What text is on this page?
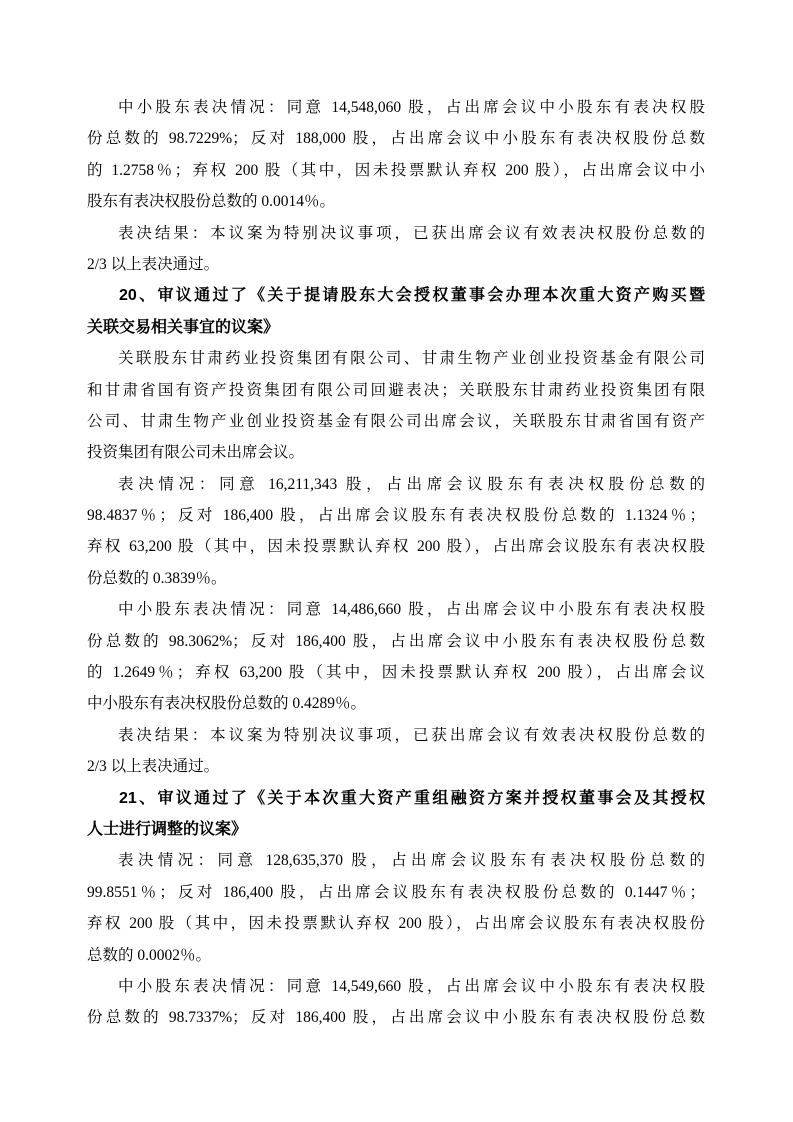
中小股东表决情况：同意 14,548,060 股，占出席会议中小股东有表决权股
份总数的 98.7229%；反对 188,000 股，占出席会议中小股东有表决权股份总数
的 1.2758％；弃权 200 股（其中，因未投票默认弃权 200 股），占出席会议中小
股东有表决权股份总数的 0.0014％。
表决结果：本议案为特别决议事项，已获出席会议有效表决权股份总数的
2/3 以上表决通过。
20、审议通过了《关于提请股东大会授权董事会办理本次重大资产购买暨
关联交易相关事宜的议案》
关联股东甘肃药业投资集团有限公司、甘肃生物产业创业投资基金有限公司
和甘肃省国有资产投资集团有限公司回避表决；关联股东甘肃药业投资集团有限
公司、甘肃生物产业创业投资基金有限公司出席会议，关联股东甘肃省国有资产
投资集团有限公司未出席会议。
表决情况：同意 16,211,343 股，占出席会议股东有表决权股份总数的
98.4837％；反对 186,400 股，占出席会议股东有表决权股份总数的 1.1324％；
弃权 63,200 股（其中，因未投票默认弃权 200 股），占出席会议股东有表决权股
份总数的 0.3839％。
中小股东表决情况：同意 14,486,660 股，占出席会议中小股东有表决权股
份总数的 98.3062%；反对 186,400 股，占出席会议中小股东有表决权股份总数
的 1.2649％；弃权 63,200 股（其中，因未投票默认弃权 200 股），占出席会议
中小股东有表决权股份总数的 0.4289％。
表决结果：本议案为特别决议事项，已获出席会议有效表决权股份总数的
2/3 以上表决通过。
21、审议通过了《关于本次重大资产重组融资方案并授权董事会及其授权
人士进行调整的议案》
表决情况：同意 128,635,370 股，占出席会议股东有表决权股份总数的
99.8551％；反对 186,400 股，占出席会议股东有表决权股份总数的 0.1447％；
弃权 200 股（其中，因未投票默认弃权 200 股），占出席会议股东有表决权股份
总数的 0.0002％。
中小股东表决情况：同意 14,549,660 股，占出席会议中小股东有表决权股
份总数的 98.7337%；反对 186,400 股，占出席会议中小股东有表决权股份总数
